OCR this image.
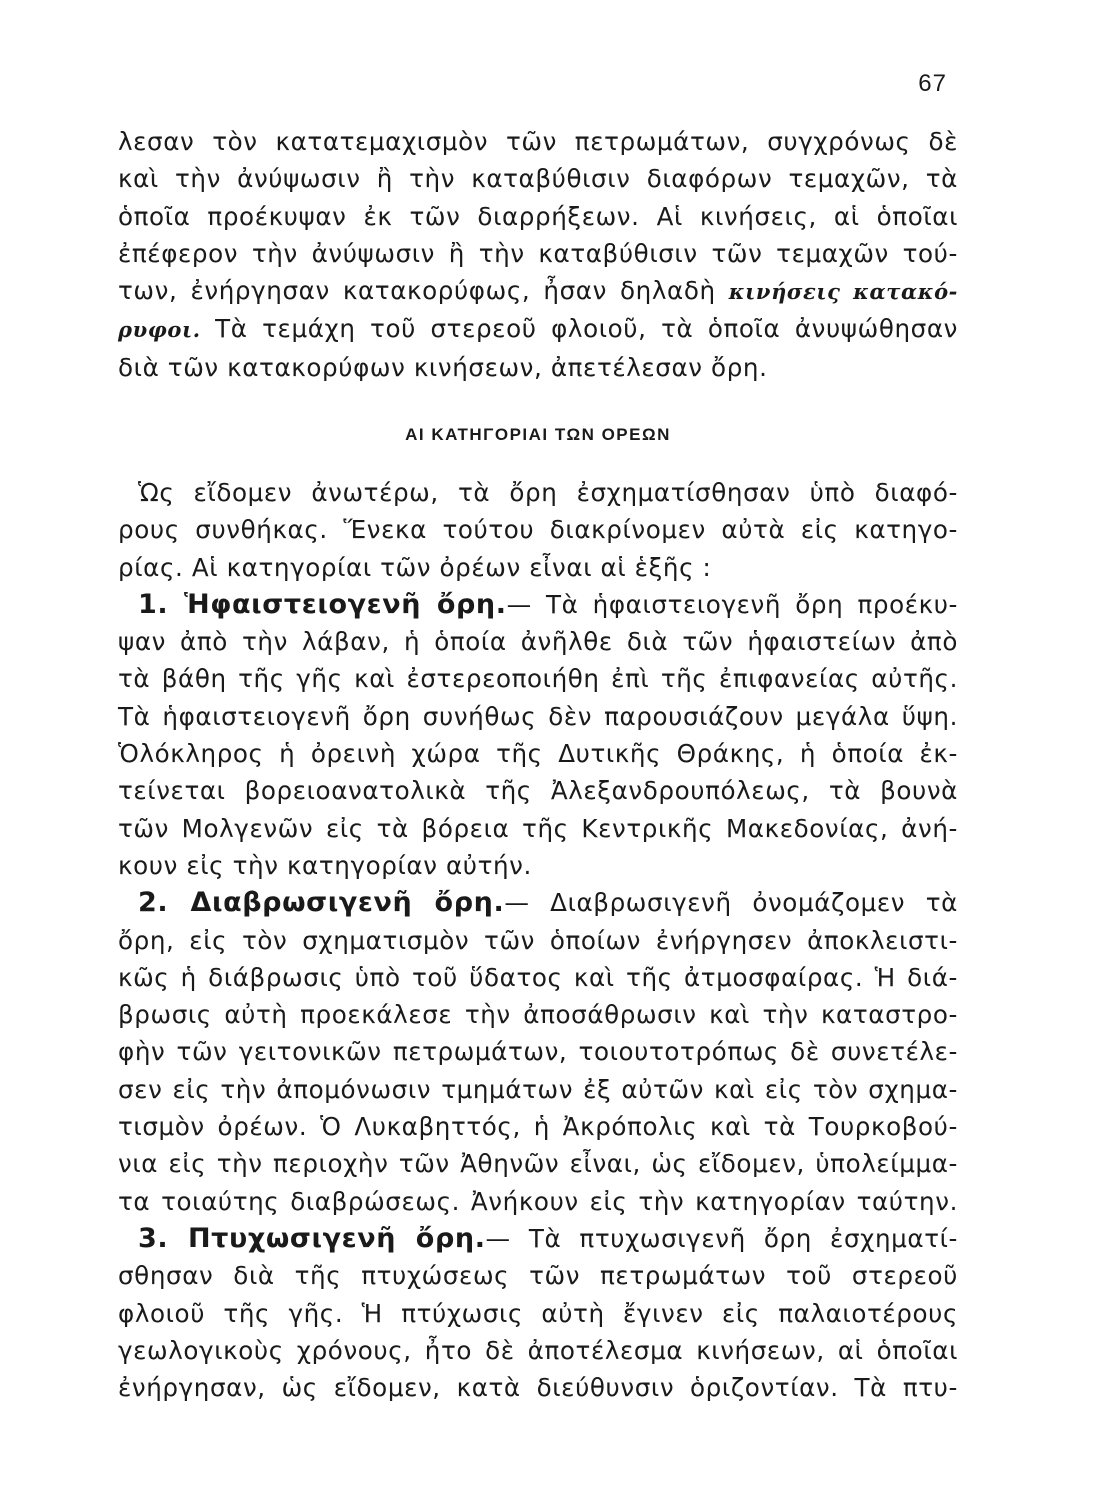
67
λεσαν τὸν κατατεμαχισμὸν τῶν πετρωμάτων, συγχρόνως δὲ
καὶ τὴν ἀνύψωσιν ἢ τὴν καταβύθισιν διαφόρων τεμαχῶν, τὰ
ὁποῖα προέκυψαν ἐκ τῶν διαρρήξεων. Αἱ κινήσεις, αἱ ὁποῖαι
ἐπέφερον τὴν ἀνύψωσιν ἢ τὴν καταβύθισιν τῶν τεμαχῶν τού-
των, ἐνήργησαν κατακορύφως, ἦσαν δηλαδὴ κινήσεις κατακό-
ρυφοι. Τὰ τεμάχη τοῦ στερεοῦ φλοιοῦ, τὰ ὁποῖα ἀνυψώθησαν
διὰ τῶν κατακορύφων κινήσεων, ἀπετέλεσαν ὄρη.
ΑΙ ΚΑΤΗΓΟΡΙΑΙ ΤΩΝ ΟΡΕΩΝ
Ὡς εἴδομεν ἀνωτέρω, τὰ ὄρη ἐσχηματίσθησαν ὑπὸ διαφό-
ρους συνθήκας. Ἕνεκα τούτου διακρίνομεν αὐτὰ εἰς κατηγο-
ρίας. Αἱ κατηγορίαι τῶν ὀρέων εἶναι αἱ ἑξῆς :
1. Ἡφαιστειογενῆ ὄρη.— Τὰ ἡφαιστειογενῆ ὄρη προέκυ-
ψαν ἀπὸ τὴν λάβαν, ἡ ὁποία ἀνῆλθε διὰ τῶν ἡφαιστείων ἀπὸ
τὰ βάθη τῆς γῆς καὶ ἐστερεοποιήθη ἐπὶ τῆς ἐπιφανείας αὐτῆς.
Τὰ ἡφαιστειογενῆ ὄρη συνήθως δὲν παρουσιάζουν μεγάλα ὕψη.
Ὁλόκληρος ἡ ὀρεινὴ χώρα τῆς Δυτικῆς Θράκης, ἡ ὁποία ἐκ-
τείνεται βορειοανατολικὰ τῆς Ἀλεξανδρουπόλεως, τὰ βουνὰ
τῶν Μολγενῶν εἰς τὰ βόρεια τῆς Κεντρικῆς Μακεδονίας, ἀνή-
κουν εἰς τὴν κατηγορίαν αὐτήν.
2. Διαβρωσιγενῆ ὄρη.— Διαβρωσιγενῆ ὀνομάζομεν τὰ
ὄρη, εἰς τὸν σχηματισμὸν τῶν ὁποίων ἐνήργησεν ἀποκλειστι-
κῶς ἡ διάβρωσις ὑπὸ τοῦ ὕδατος καὶ τῆς ἀτμοσφαίρας. Ἡ διά-
βρωσις αὐτὴ προεκάλεσε τὴν ἀποσάθρωσιν καὶ τὴν καταστρο-
φὴν τῶν γειτονικῶν πετρωμάτων, τοιουτοτρόπως δὲ συνετέλε-
σεν εἰς τὴν ἀπομόνωσιν τμημάτων ἐξ αὐτῶν καὶ εἰς τὸν σχημα-
τισμὸν ὀρέων. Ὁ Λυκαβηττός, ἡ Ἀκρόπολις καὶ τὰ Τουρκοβού-
νια εἰς τὴν περιοχὴν τῶν Ἀθηνῶν εἶναι, ὡς εἴδομεν, ὑπολείμμα-
τα τοιαύτης διαβρώσεως. Ἀνήκουν εἰς τὴν κατηγορίαν ταύτην.
3. Πτυχωσιγενῆ ὄρη.— Τὰ πτυχωσιγενῆ ὄρη ἐσχηματί-
σθησαν διὰ τῆς πτυχώσεως τῶν πετρωμάτων τοῦ στερεοῦ
φλοιοῦ τῆς γῆς. Ἡ πτύχωσις αὐτὴ ἔγινεν εἰς παλαιοτέρους
γεωλογικοὺς χρόνους, ἦτο δὲ ἀποτέλεσμα κινήσεων, αἱ ὁποῖαι
ἐνήργησαν, ὡς εἴδομεν, κατὰ διεύθυνσιν ὁριζοντίαν. Τὰ πτυ-
